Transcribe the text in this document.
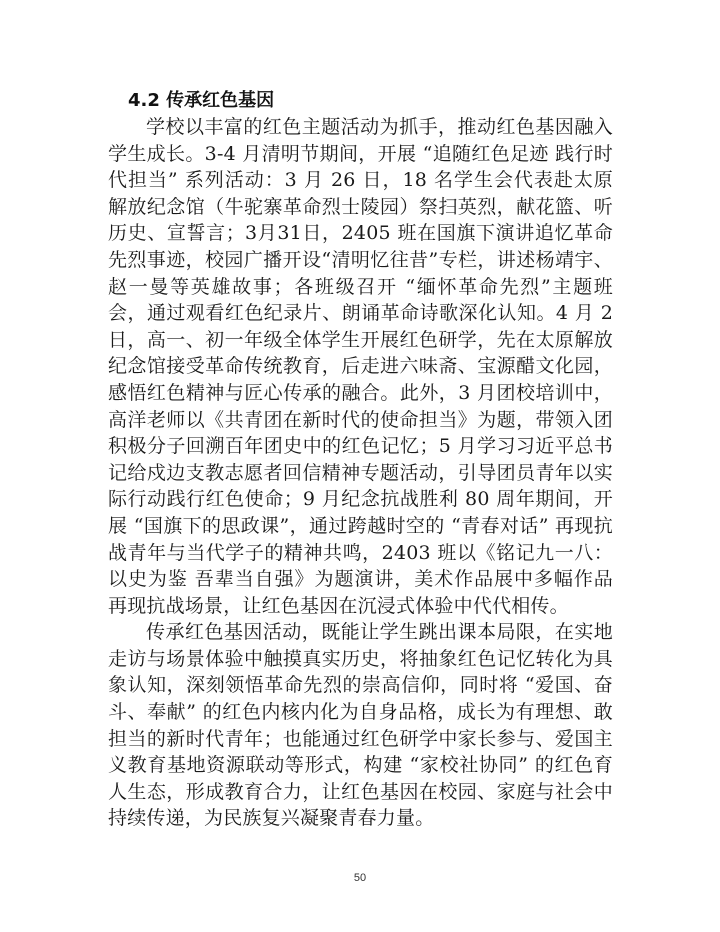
4.2 传承红色基因

学校以丰富的红色主题活动为抓手，推动红色基因融入学生成长。3-4 月清明节期间，开展 “追随红色足迹 践行时代担当” 系列活动：3 月 26 日，18 名学生会代表赴太原解放纪念馆（牛驼寨革命烈士陵园）祭扫英烈，献花篮、听历史、宣誓言；3月31日，2405 班在国旗下演讲追忆革命先烈事迹，校园广播开设“清明忆往昔”专栏，讲述杨靖宇、赵一曼等英雄故事；各班级召开 “缅怀革命先烈”主题班会，通过观看红色纪录片、朗诵革命诗歌深化认知。4 月 2 日，高一、初一年级全体学生开展红色研学，先在太原解放纪念馆接受革命传统教育，后走进六味斋、宝源醋文化园，感悟红色精神与匠心传承的融合。此外，3 月团校培训中，高洋老师以《共青团在新时代的使命担当》为题，带领入团积极分子回溯百年团史中的红色记忆；5 月学习习近平总书记给戍边支教志愿者回信精神专题活动，引导团员青年以实际行动践行红色使命；9 月纪念抗战胜利 80 周年期间，开展 “国旗下的思政课”，通过跨越时空的 “青春对话” 再现抗战青年与当代学子的精神共鸣，2403 班以《铭记九一八：以史为鉴 吾辈当自强》为题演讲，美术作品展中多幅作品再现抗战场景，让红色基因在沉浸式体验中代代相传。

传承红色基因活动，既能让学生跳出课本局限，在实地走访与场景体验中触摸真实历史，将抽象红色记忆转化为具象认知，深刻领悟革命先烈的崇高信仰，同时将 “爱国、奋斗、奉献” 的红色内核内化为自身品格，成长为有理想、敢担当的新时代青年；也能通过红色研学中家长参与、爱国主义教育基地资源联动等形式，构建 “家校社协同” 的红色育人生态，形成教育合力，让红色基因在校园、家庭与社会中持续传递，为民族复兴凝聚青春力量。

50
